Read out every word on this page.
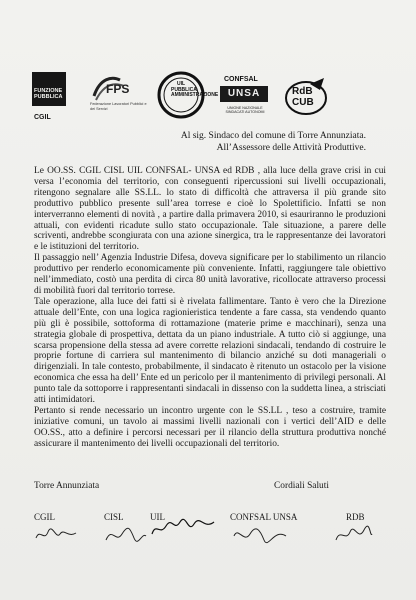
FUNZIONE
PUBBLICA
CGIL
FPS
Federazione Lavoratori Pubblici e dei Servizi
UIL PUBBLICA AMMINISTRAZIONE
CONFSAL
UNSA
UNIONE NAZIONALE SINDACATI AUTONOMI
RdB CUB
Al sig. Sindaco del comune di Torre Annunziata.
All’Assessore delle Attività Produttive.

Le OO.SS. CGIL CISL UIL CONFSAL- UNSA ed RDB , alla luce della grave crisi in cui versa l’economia del territorio, con conseguenti ripercussioni sui livelli occupazionali, ritengono segnalare alle SS.LL. lo stato di difficoltà che attraversa il più grande sito produttivo pubblico presente sull’area torrese e cioè lo Spolettificio. Infatti se non interverranno elementi di novità , a partire dalla primavera 2010, si esauriranno le produzioni attuali, con evidenti ricadute sullo stato occupazionale. Tale situazione, a parere delle scriventi, andrebbe scongiurata con una azione sinergica, tra le rappresentanze dei lavoratori e le istituzioni del territorio.

Il passaggio nell’ Agenzia Industrie Difesa, doveva significare per lo stabilimento un rilancio produttivo per renderlo economicamente più conveniente. Infatti, raggiungere tale obiettivo nell’immediato, costò una perdita di circa 80 unità lavorative, ricollocate attraverso processi di mobilità fuori dal territorio torrese.

Tale operazione, alla luce dei fatti si è rivelata fallimentare. Tanto è vero che la Direzione attuale dell’Ente, con una logica ragionieristica tendente a fare cassa, sta vendendo quanto più gli è possibile, sottoforma di rottamazione (materie prime e macchinari), senza una strategia globale di prospettiva, dettata da un piano industriale. A tutto ciò si aggiunge, una scarsa propensione della stessa ad avere corrette relazioni sindacali, tendando di costruire le proprie fortune di carriera sul mantenimento di bilancio anziché su doti manageriali o dirigenziali. In tale contesto, probabilmente, il sindacato è ritenuto un ostacolo per la visione economica che essa ha dell’ Ente ed un pericolo per il mantenimento di privilegi personali. Al punto tale da sottoporre i rappresentanti sindacali in dissenso con la suddetta linea, a strisciati atti intimidatori.

Pertanto si rende necessario un incontro urgente con le SS.LL , teso a costruire, tramite iniziative comuni, un tavolo ai massimi livelli nazionali con i vertici dell’AID e delle OO.SS., atto a definire i percorsi necessari per il rilancio della struttura produttiva nonché assicurare il mantenimento dei livelli occupazionali del territorio.

Torre Annunziata	Cordiali Saluti
CGIL	CISL	UIL	CONFSAL UNSA	RDB
